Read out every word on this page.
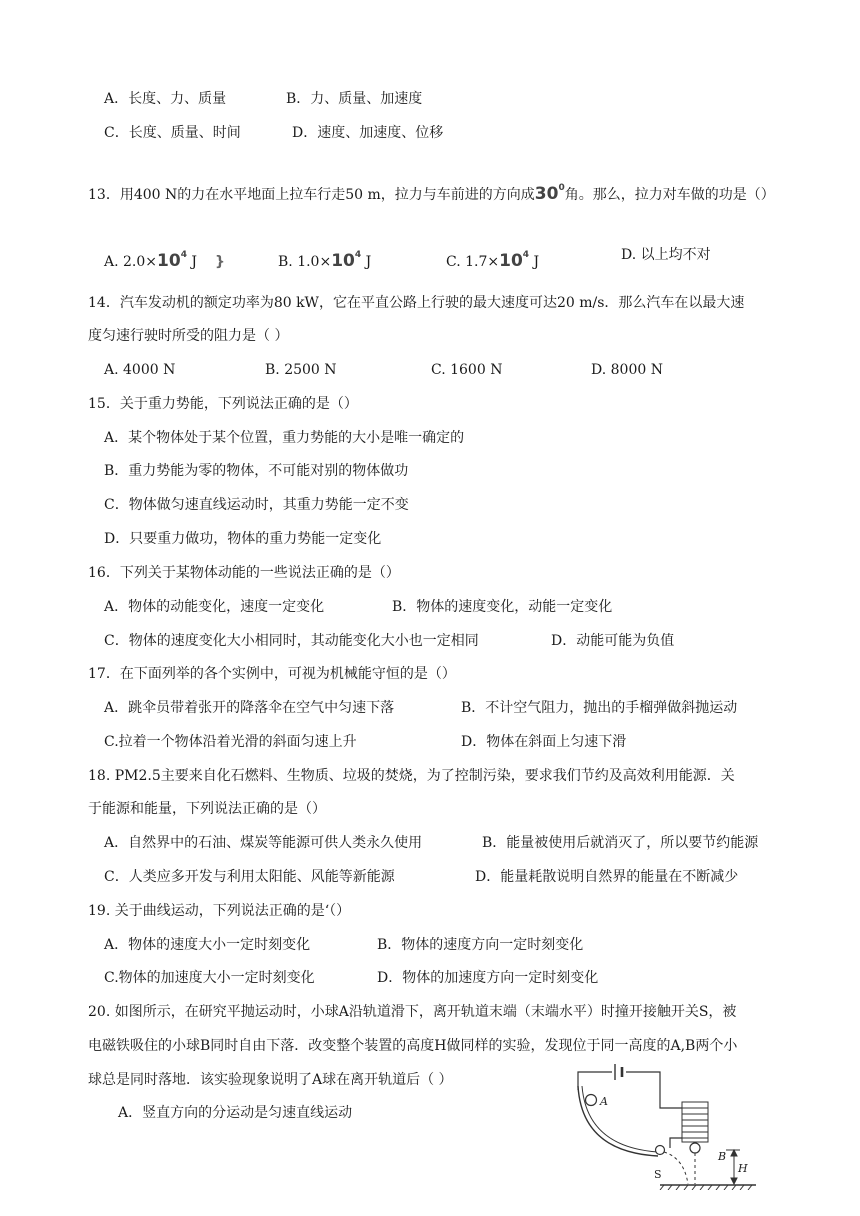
A．长度、力、质量	B．力、质量、加速度
C．长度、质量、时间	D．速度、加速度、位移
13．用400 N的力在水平地面上拉车行走50 m，拉力与车前进的方向成$30^0$角。那么，拉力对车做的功是（）
A. $2.0\times 10^4$ J }	B. $1.0\times 10^4$ J	C. $1.7\times 10^4$ J	D. 以上均不对
14．汽车发动机的额定功率为80 kW，它在平直公路上行驶的最大速度可达20 m/s．那么汽车在以最大速
度匀速行驶时所受的阻力是（ ）
A. 4000 N	B. 2500 N	C. 1600 N	D. 8000 N
15．关于重力势能，下列说法正确的是（）
A．某个物体处于某个位置，重力势能的大小是唯一确定的
B．重力势能为零的物体，不可能对别的物体做功
C．物体做匀速直线运动时，其重力势能一定不变
D．只要重力做功，物体的重力势能一定变化
16．下列关于某物体动能的一些说法正确的是（）
A．物体的动能变化，速度一定变化	B．物体的速度变化，动能一定变化
C．物体的速度变化大小相同时，其动能变化大小也一定相同	D．动能可能为负值
17．在下面列举的各个实例中，可视为机械能守恒的是（）
A．跳伞员带着张开的降落伞在空气中匀速下落	B．不计空气阻力，抛出的手榴弹做斜抛运动
C.拉着一个物体沿着光滑的斜面匀速上升	D．物体在斜面上匀速下滑
18. PM2.5主要来自化石燃料、生物质、垃圾的焚烧，为了控制污染，要求我们节约及高效利用能源．关
于能源和能量，下列说法正确的是（）
A．自然界中的石油、煤炭等能源可供人类永久使用	B．能量被使用后就消灭了，所以要节约能源
C．人类应多开发与利用太阳能、风能等新能源	D．能量耗散说明自然界的能量在不断减少
19. 关于曲线运动，下列说法正确的是‘（）
A．物体的速度大小一定时刻变化	B．物体的速度方向一定时刻变化
C.物体的加速度大小一定时刻变化	D．物体的加速度方向一定时刻变化
20. 如图所示，在研究平抛运动时，小球A沿轨道滑下，离开轨道末端（末端水平）时撞开接触开关S，被
电磁铁吸住的小球B同时自由下落．改变整个装置的高度H做同样的实验，发现位于同一高度的A,B两个小
球总是同时落地．该实验现象说明了A球在离开轨道后（ ）
A．竖直方向的分运动是匀速直线运动
A
S
B
H
